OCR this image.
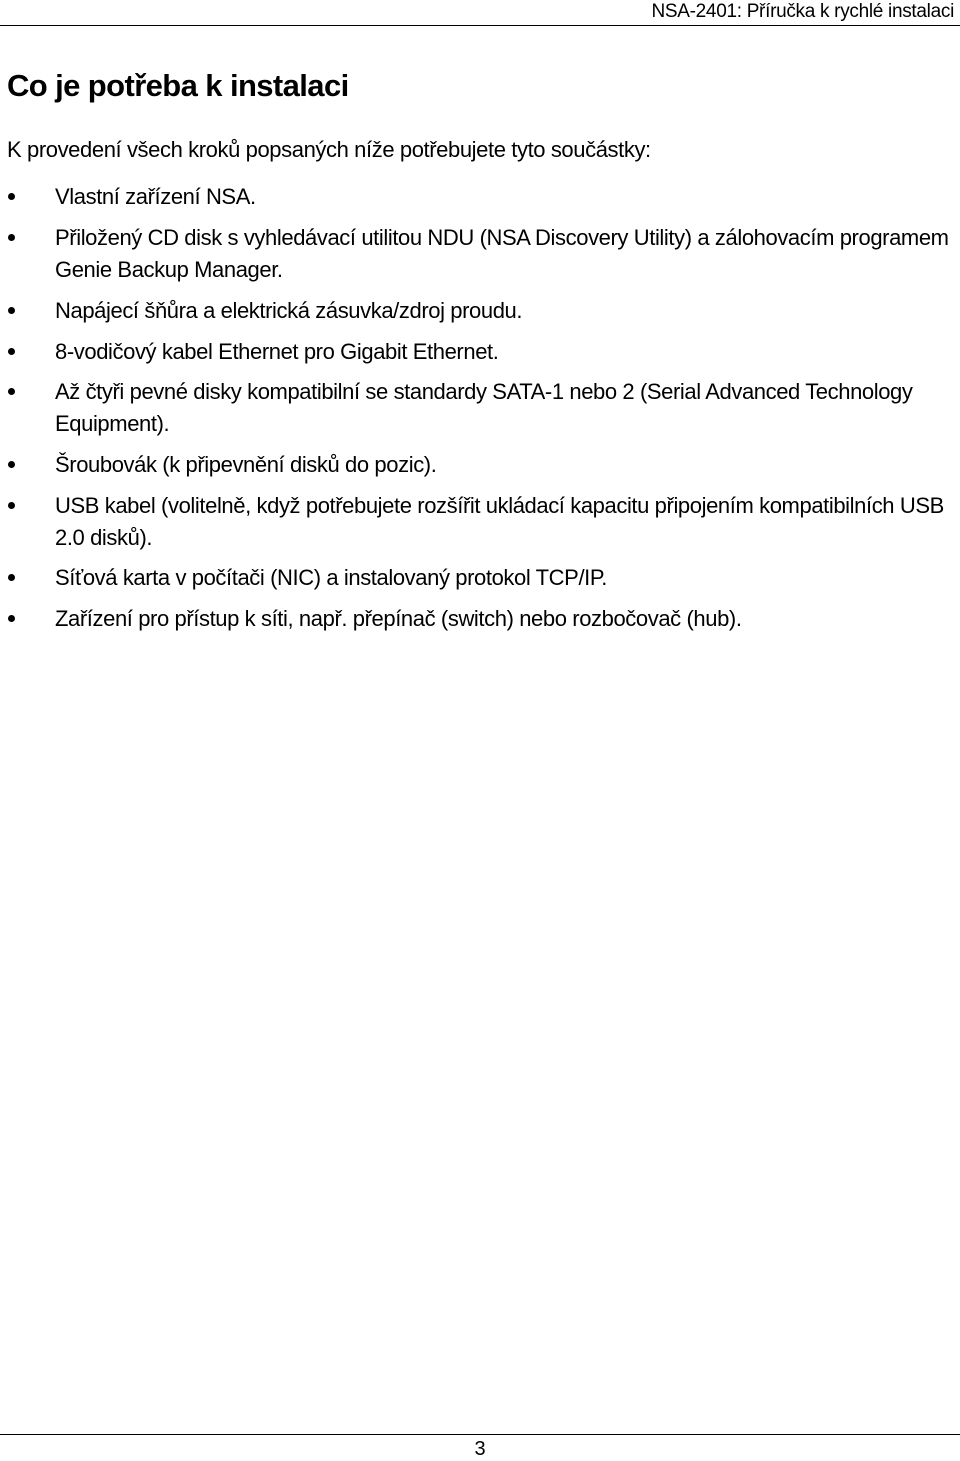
NSA-2401: Příručka k rychlé instalaci
Co je potřeba k instalaci

K provedení všech kroků popsaných níže potřebujete tyto součástky:

Vlastní zařízení NSA.

Přiložený CD disk s vyhledávací utilitou NDU (NSA Discovery Utility) a zálohovacím programem Genie Backup Manager.

Napájecí šňůra a elektrická zásuvka/zdroj proudu.

8-vodičový kabel Ethernet pro Gigabit Ethernet.

Až čtyři pevné disky kompatibilní se standardy SATA-1 nebo 2 (Serial Advanced Technology Equipment).

Šroubovák (k připevnění disků do pozic).

USB kabel (volitelně, když potřebujete rozšířit ukládací kapacitu připojením kompatibilních USB 2.0 disků).

Síťová karta v počítači (NIC) a instalovaný protokol TCP/IP.

Zařízení pro přístup k síti, např. přepínač (switch) nebo rozbočovač (hub).

3
